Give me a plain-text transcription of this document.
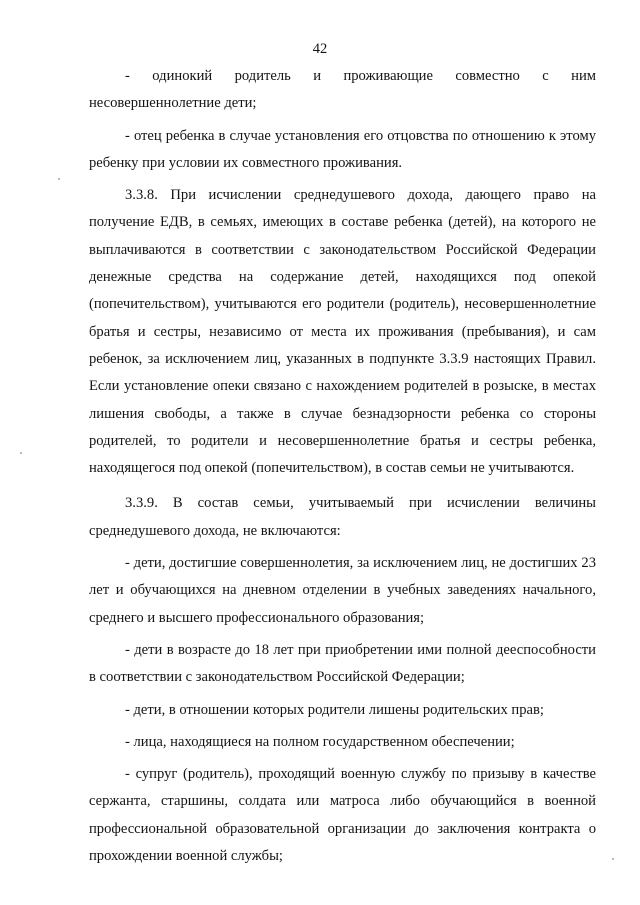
42

- одинокий родитель и проживающие совместно с ним несовершеннолетние дети;

- отец ребенка в случае установления его отцовства по отношению к этому ребенку при условии их совместного проживания.

3.3.8. При исчислении среднедушевого дохода, дающего право на получение ЕДВ, в семьях, имеющих в составе ребенка (детей), на которого не выплачиваются в соответствии с законодательством Российской Федерации денежные средства на содержание детей, находящихся под опекой (попечительством), учитываются его родители (родитель), несовершеннолетние братья и сестры, независимо от места их проживания (пребывания), и сам ребенок, за исключением лиц, указанных в подпункте 3.3.9 настоящих Правил. Если установление опеки связано с нахождением родителей в розыске, в местах лишения свободы, а также в случае безнадзорности ребенка со стороны родителей, то родители и несовершеннолетние братья и сестры ребенка, находящегося под опекой (попечительством), в состав семьи не учитываются.

3.3.9. В состав семьи, учитываемый при исчислении величины среднедушевого дохода, не включаются:

- дети, достигшие совершеннолетия, за исключением лиц, не достигших 23 лет и обучающихся на дневном отделении в учебных заведениях начального, среднего и высшего профессионального образования;

- дети в возрасте до 18 лет при приобретении ими полной дееспособности в соответствии с законодательством Российской Федерации;

- дети, в отношении которых родители лишены родительских прав;

- лица, находящиеся на полном государственном обеспечении;

- супруг (родитель), проходящий военную службу по призыву в качестве сержанта, старшины, солдата или матроса либо обучающийся в военной профессиональной образовательной организации до заключения контракта о прохождении военной службы;
